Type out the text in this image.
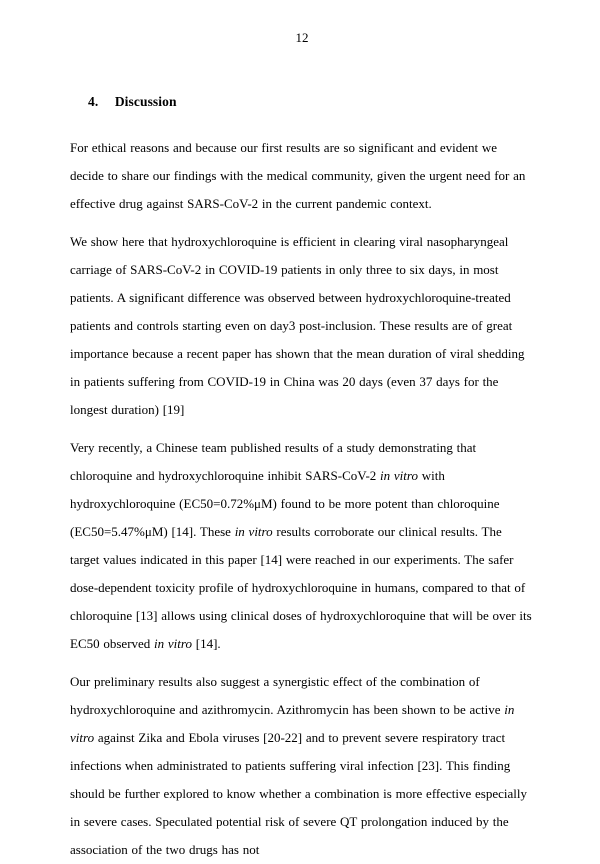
12
4. Discussion

For ethical reasons and because our first results are so significant and evident we decide to share our findings with the medical community, given the urgent need for an effective drug against SARS-CoV-2 in the current pandemic context.

We show here that hydroxychloroquine is efficient in clearing viral nasopharyngeal carriage of SARS-CoV-2 in COVID-19 patients in only three to six days, in most patients. A significant difference was observed between hydroxychloroquine-treated patients and controls starting even on day3 post-inclusion. These results are of great importance because a recent paper has shown that the mean duration of viral shedding in patients suffering from COVID-19 in China was 20 days (even 37 days for the longest duration) [19]

Very recently, a Chinese team published results of a study demonstrating that chloroquine and hydroxychloroquine inhibit SARS-CoV-2 in vitro with hydroxychloroquine (EC50=0.72%μM) found to be more potent than chloroquine (EC50=5.47%μM) [14]. These in vitro results corroborate our clinical results. The target values indicated in this paper [14] were reached in our experiments. The safer dose-dependent toxicity profile of hydroxychloroquine in humans, compared to that of chloroquine [13] allows using clinical doses of hydroxychloroquine that will be over its EC50 observed in vitro [14].

Our preliminary results also suggest a synergistic effect of the combination of hydroxychloroquine and azithromycin. Azithromycin has been shown to be active in vitro against Zika and Ebola viruses [20-22] and to prevent severe respiratory tract infections when administrated to patients suffering viral infection [23]. This finding should be further explored to know whether a combination is more effective especially in severe cases. Speculated potential risk of severe QT prolongation induced by the association of the two drugs has not
